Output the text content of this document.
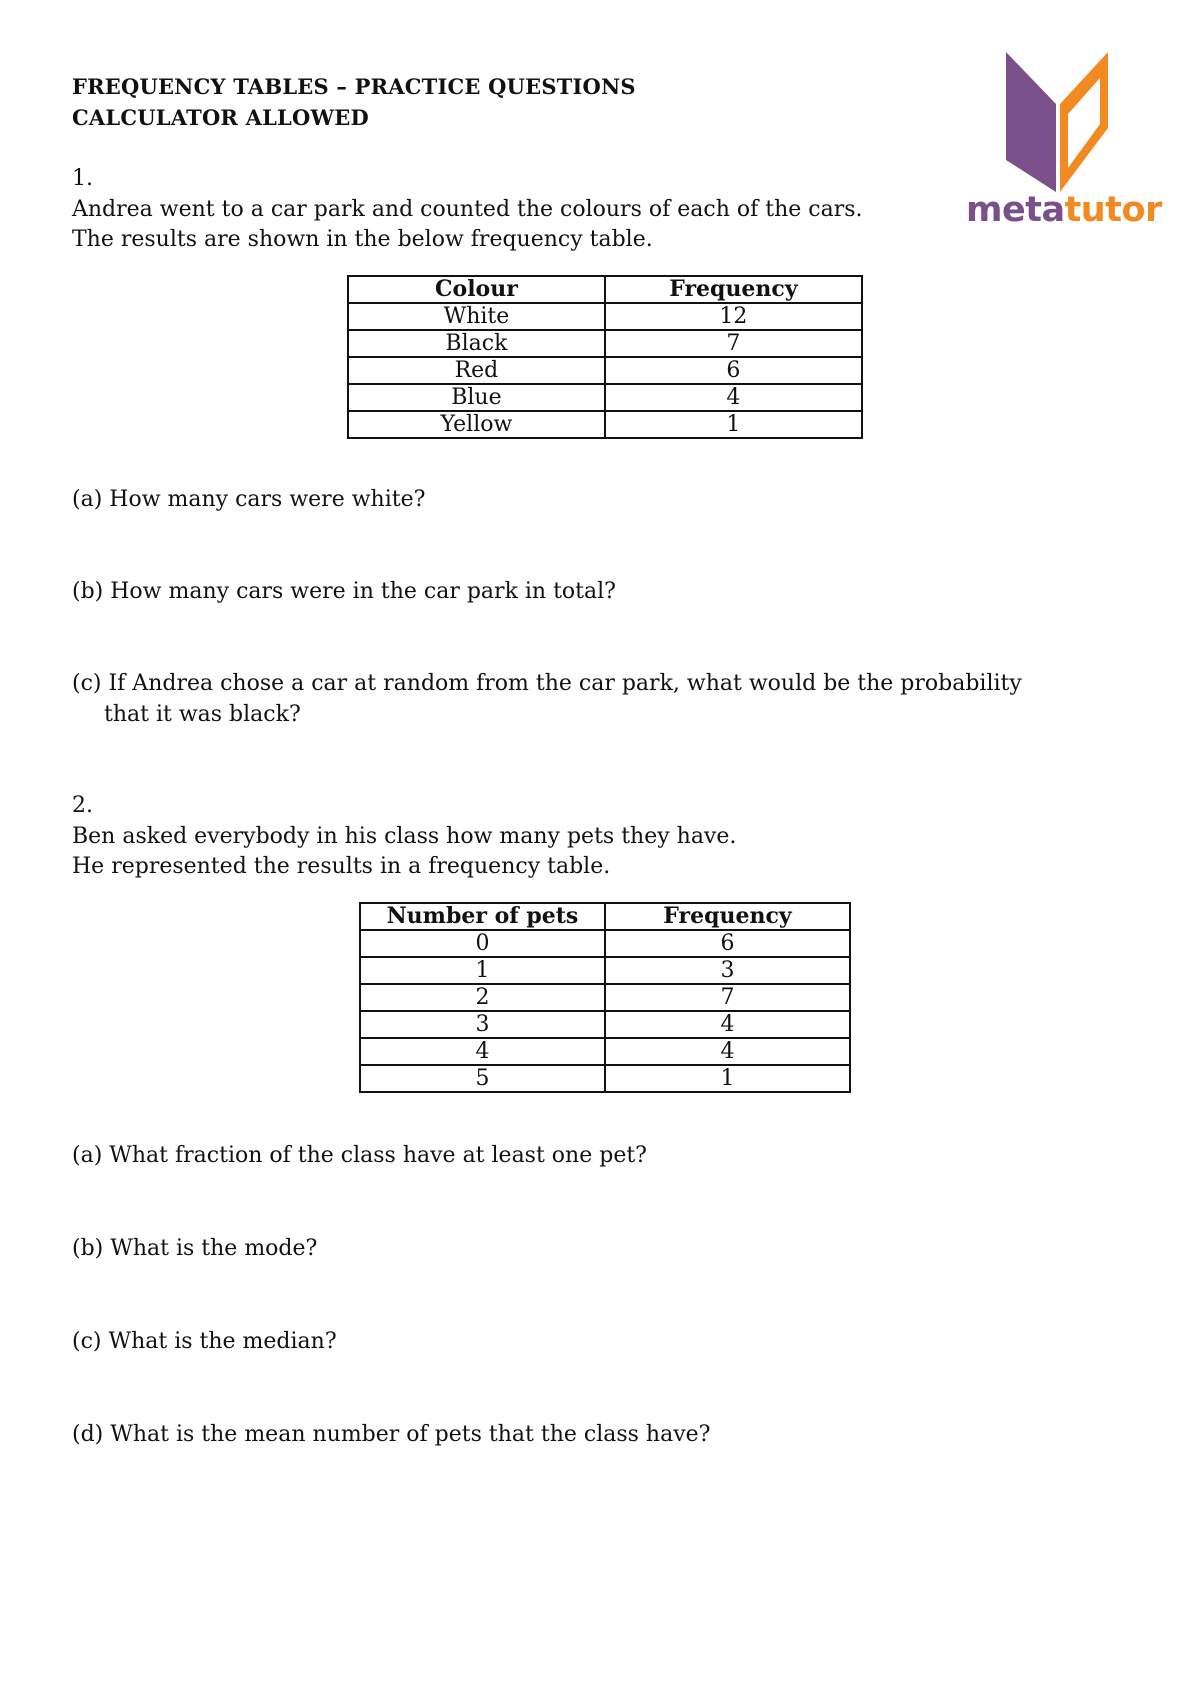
FREQUENCY TABLES – PRACTICE QUESTIONS
CALCULATOR ALLOWED
metatutor
1.
Andrea went to a car park and counted the colours of each of the cars.
The results are shown in the below frequency table.
Colour	Frequency
White	12
Black	7
Red	6
Blue	4
Yellow	1
(a) How many cars were white?
(b) How many cars were in the car park in total?
(c) If Andrea chose a car at random from the car park, what would be the probability
that it was black?
2.
Ben asked everybody in his class how many pets they have.
He represented the results in a frequency table.
Number of pets	Frequency
0	6
1	3
2	7
3	4
4	4
5	1
(a) What fraction of the class have at least one pet?
(b) What is the mode?
(c) What is the median?
(d) What is the mean number of pets that the class have?
